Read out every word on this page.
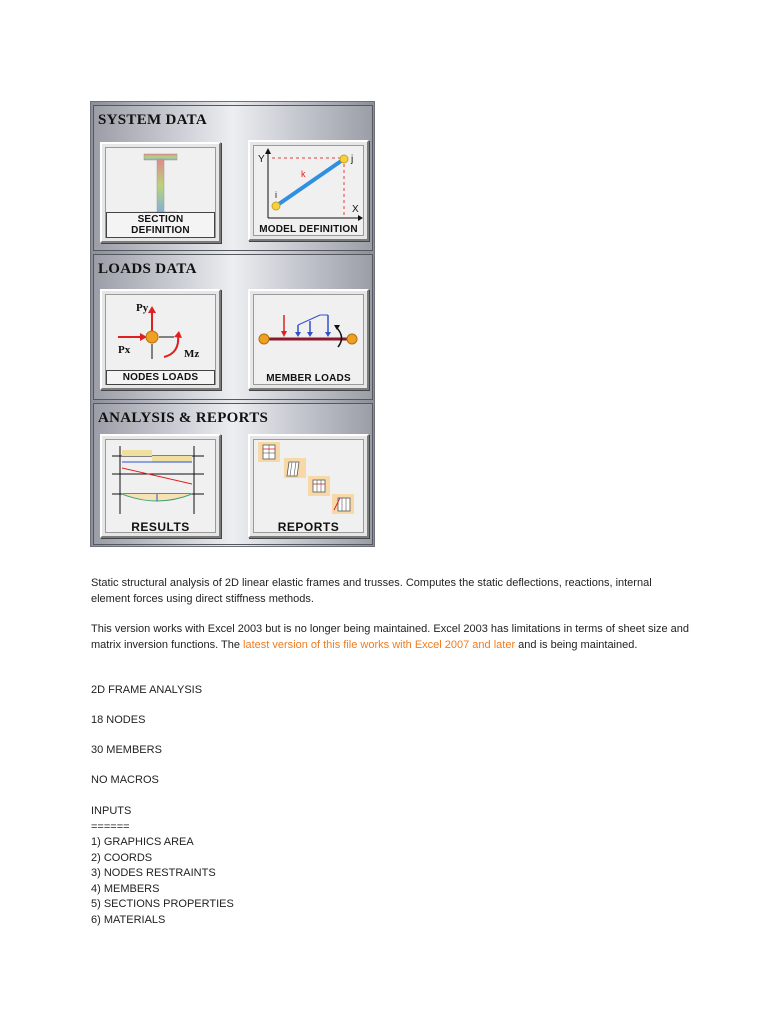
SYSTEM DATA
SECTION DEFINITION
Y
X
i
j
k
MODEL DEFINITION
LOADS DATA
Py
Px	Mz
NODES LOADS	MEMBER LOADS
ANALYSIS & REPORTS
RESULTS	REPORTS
Static structural analysis of 2D linear elastic frames and trusses. Computes the static deflections, reactions, internal element forces using direct stiffness methods.
This version works with Excel 2003 but is no longer being maintained. Excel 2003 has limitations in terms of sheet size and matrix inversion functions. The latest version of this file works with Excel 2007 and later and is being maintained.
2D FRAME ANALYSIS
18 NODES
30 MEMBERS
NO MACROS
INPUTS
======
1) GRAPHICS AREA
2) COORDS
3) NODES RESTRAINTS
4) MEMBERS
5) SECTIONS PROPERTIES
6) MATERIALS
